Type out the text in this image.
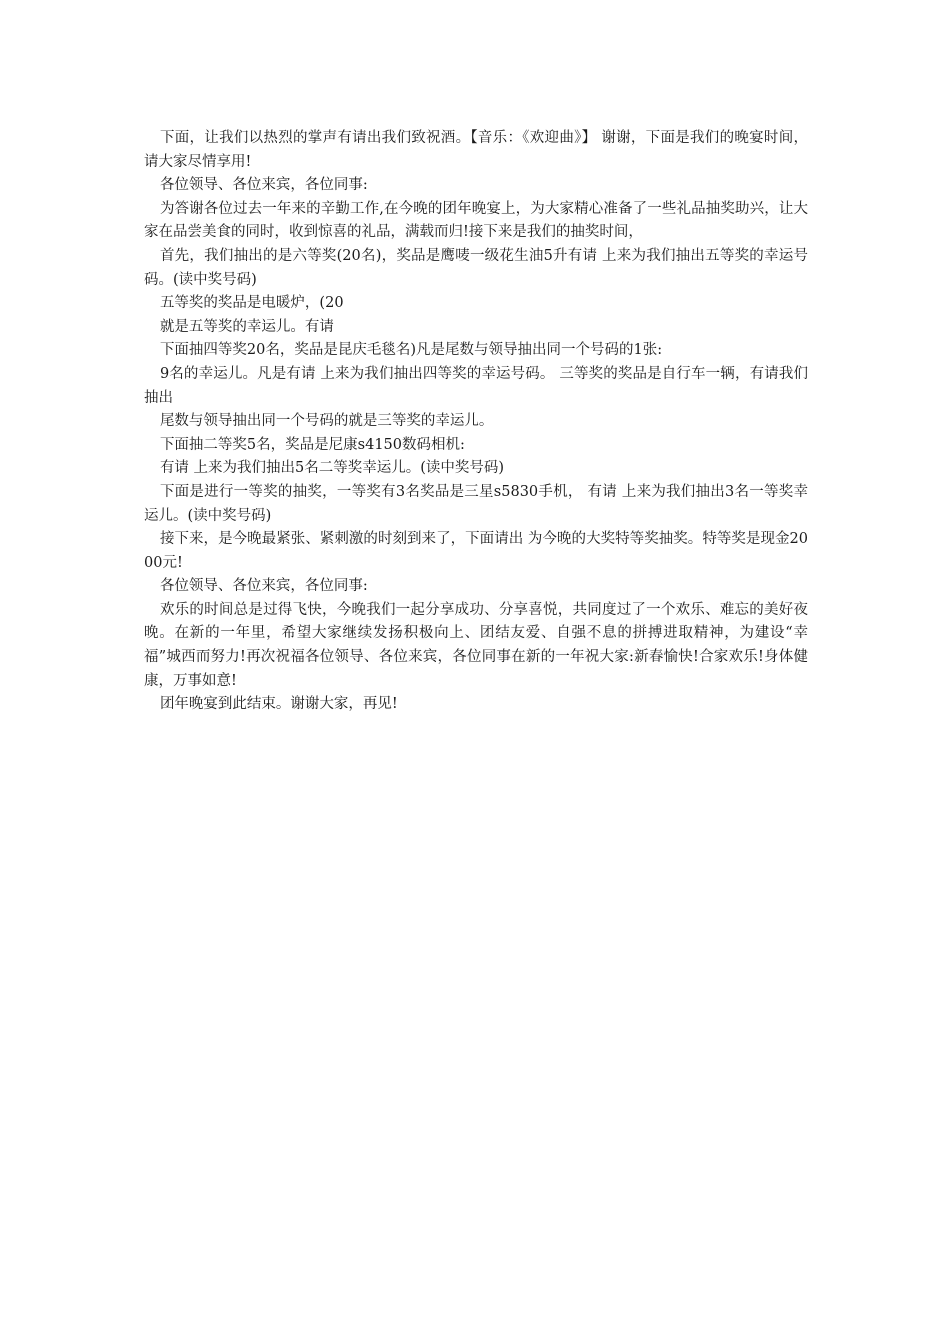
下面，让我们以热烈的掌声有请出我们致祝酒。【音乐：《欢迎曲》】 谢谢，下面是我们的晚宴时间，请大家尽情享用!

各位领导、各位来宾，各位同事:

为答谢各位过去一年来的辛勤工作,在今晚的团年晚宴上，为大家精心准备了一些礼品抽奖助兴，让大家在品尝美食的同时，收到惊喜的礼品，满载而归!接下来是我们的抽奖时间，

首先，我们抽出的是六等奖(20名)，奖品是鹰唛一级花生油5升有请 上来为我们抽出五等奖的幸运号码。(读中奖号码)

五等奖的奖品是电暖炉，(20

就是五等奖的幸运儿。有请

下面抽四等奖20名，奖品是昆庆毛毯名)凡是尾数与领导抽出同一个号码的1张:

9名的幸运儿。凡是有请 上来为我们抽出四等奖的幸运号码。 三等奖的奖品是自行车一辆，有请我们抽出

尾数与领导抽出同一个号码的就是三等奖的幸运儿。

下面抽二等奖5名，奖品是尼康s4150数码相机:

有请 上来为我们抽出5名二等奖幸运儿。(读中奖号码)

下面是进行一等奖的抽奖，一等奖有3名奖品是三星s5830手机， 有请 上来为我们抽出3名一等奖幸运儿。(读中奖号码)

接下来，是今晚最紧张、紧刺激的时刻到来了，下面请出 为今晚的大奖特等奖抽奖。特等奖是现金2000元!

各位领导、各位来宾，各位同事:

欢乐的时间总是过得飞快，今晚我们一起分享成功、分享喜悦，共同度过了一个欢乐、难忘的美好夜晚。在新的一年里，希望大家继续发扬积极向上、团结友爱、自强不息的拼搏进取精神，为建设“幸福”城西而努力!再次祝福各位领导、各位来宾，各位同事在新的一年祝大家:新春愉快!合家欢乐!身体健康，万事如意!

团年晚宴到此结束。谢谢大家，再见!
